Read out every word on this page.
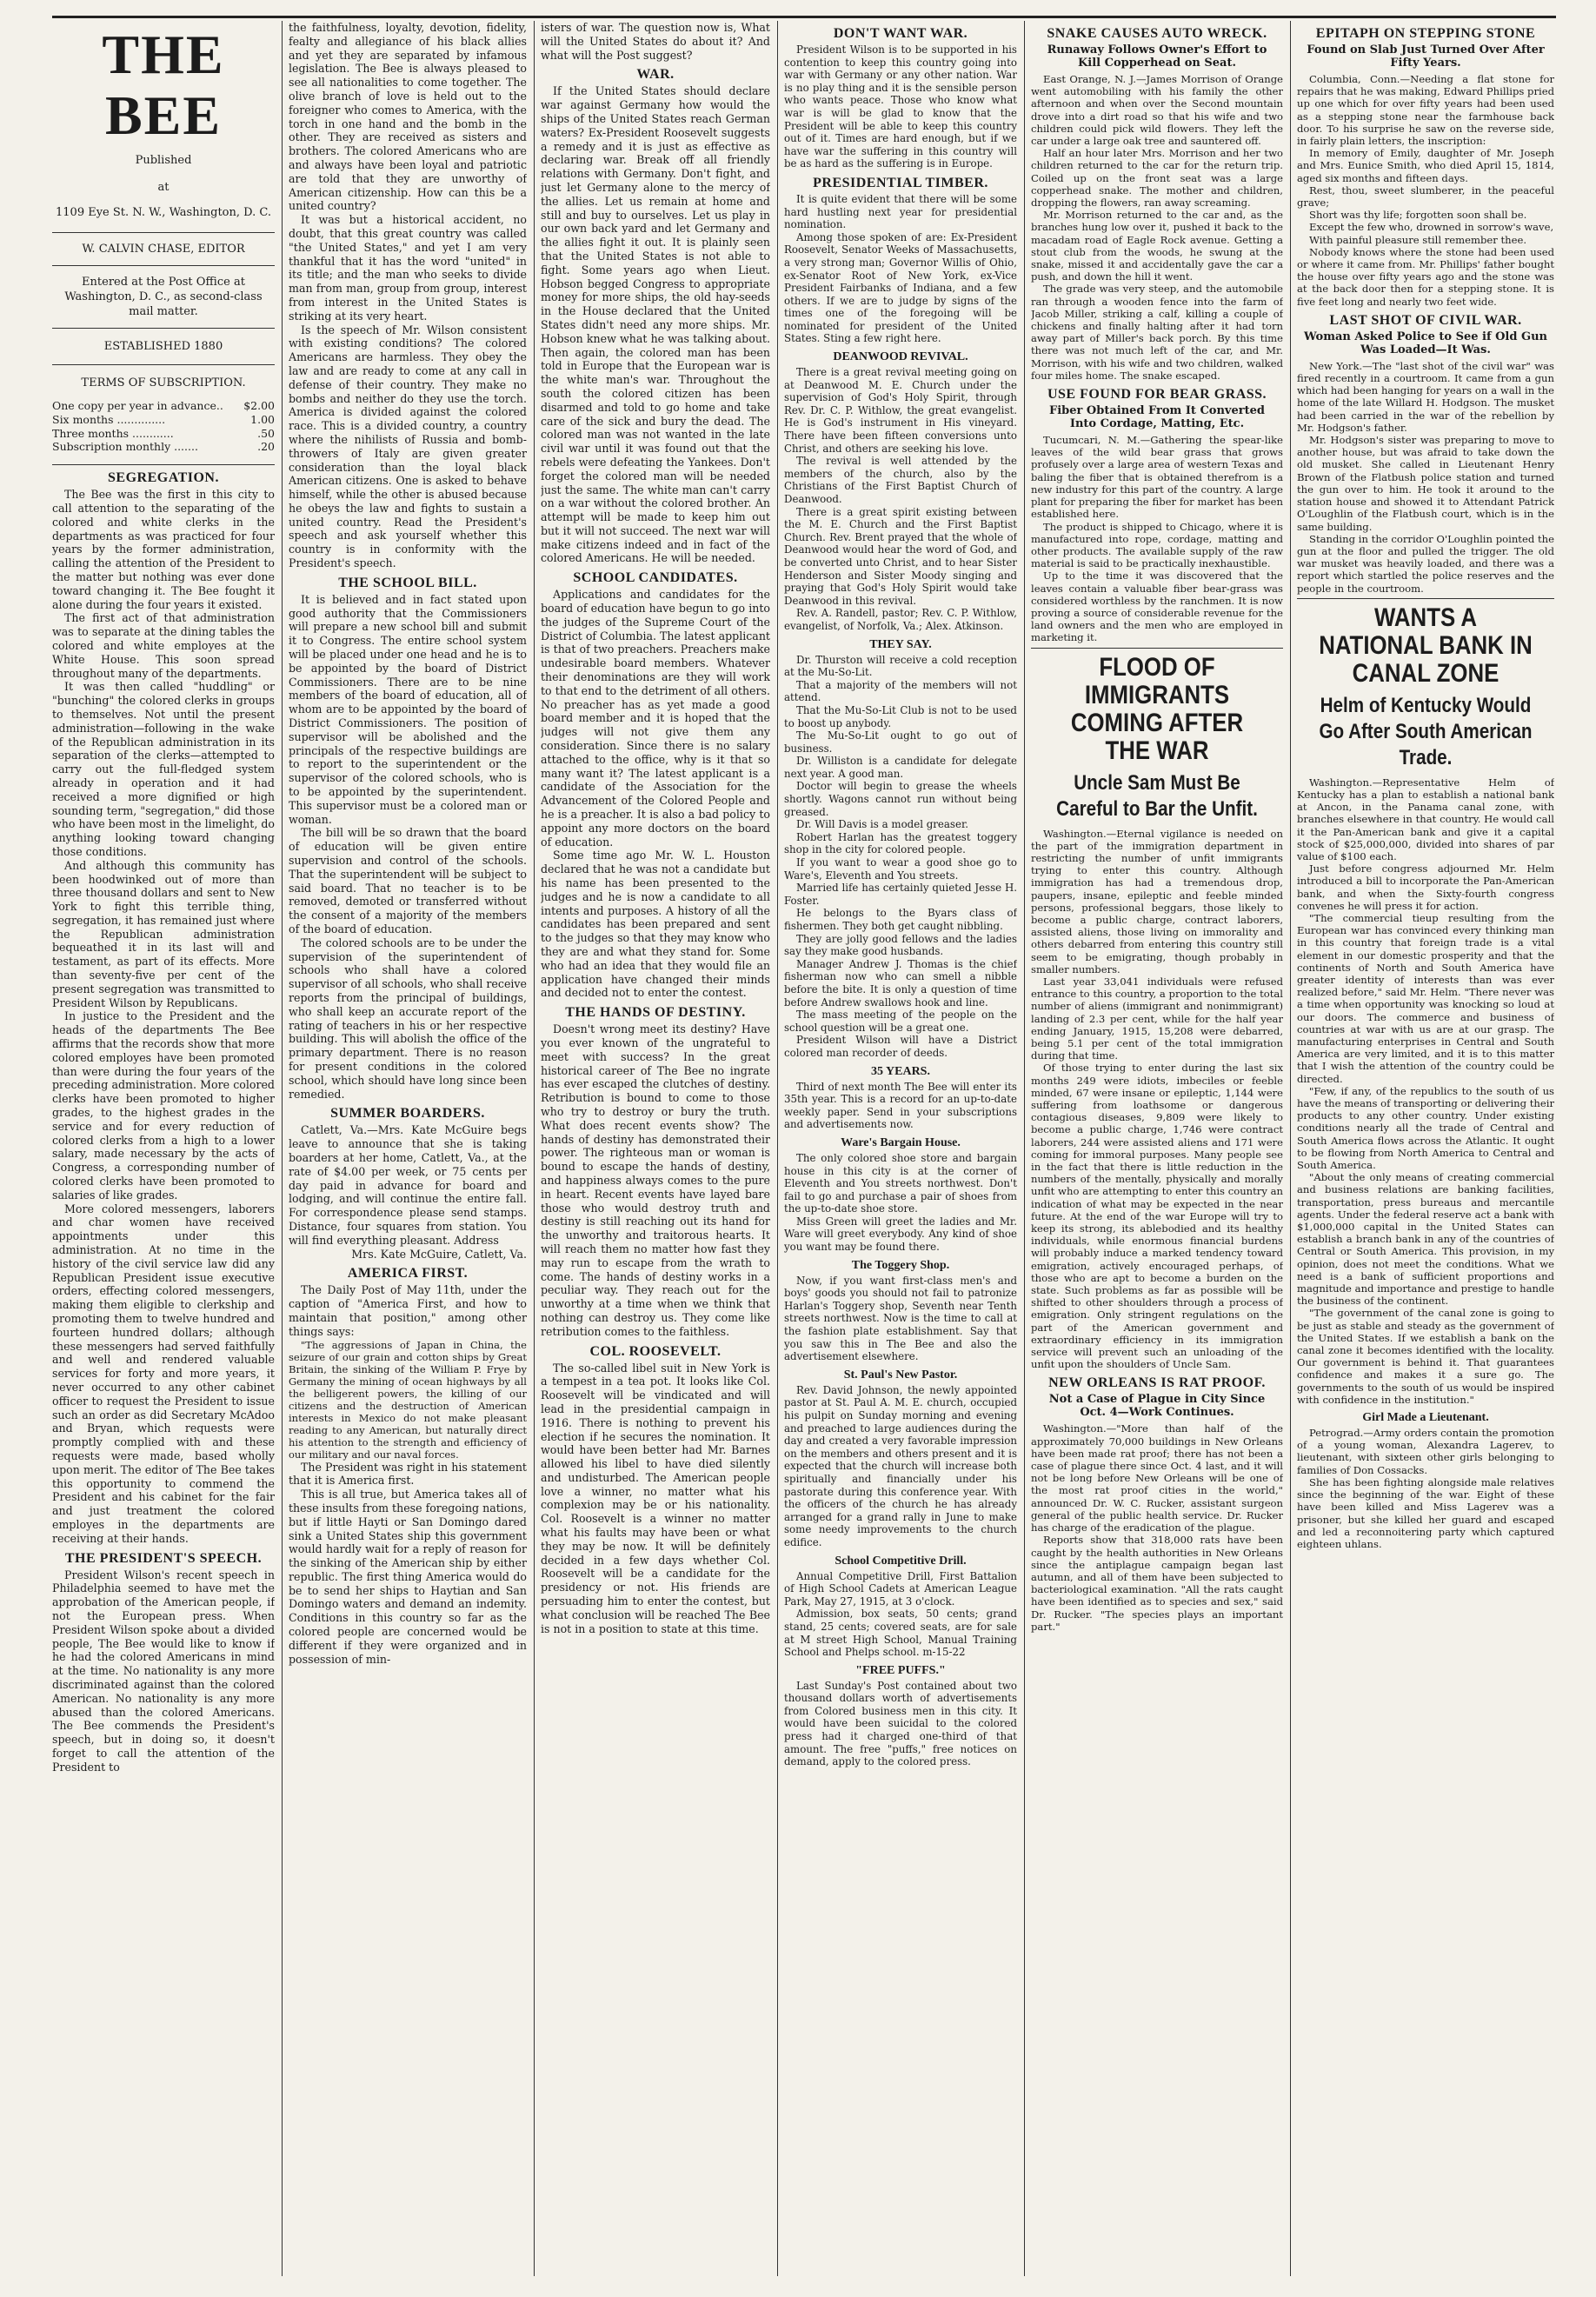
THE BEE
Published
at
1109 Eye St. N. W., Washington, D. C.
W. CALVIN CHASE, EDITOR
Entered at the Post Office at Washington, D. C., as second-class mail matter.
ESTABLISHED 1880
TERMS OF SUBSCRIPTION.
One copy per year in advance..	$2.00
Six months ..............	1.00
Three months ............	.50
Subscription monthly .......	.20
SEGREGATION.

The Bee was the first in this city to call attention to the separating of the colored and white clerks in the departments as was practiced for four years by the former administration, calling the attention of the President to the matter but nothing was ever done toward changing it. The Bee fought it alone during the four years it existed.

The first act of that administration was to separate at the dining tables the colored and white employes at the White House. This soon spread throughout many of the departments.

It was then called "huddling" or "bunching" the colored clerks in groups to themselves. Not until the present administration—following in the wake of the Republican administration in its separation of the clerks—attempted to carry out the full-fledged system already in operation and it had received a more dignified or high sounding term, "segregation," did those who have been most in the limelight, do anything looking toward changing those conditions.

And although this community has been hoodwinked out of more than three thousand dollars and sent to New York to fight this terrible thing, segregation, it has remained just where the Republican administration bequeathed it in its last will and testament, as part of its effects. More than seventy-five per cent of the present segregation was transmitted to President Wilson by Republicans.

In justice to the President and the heads of the departments The Bee affirms that the records show that more colored employes have been promoted than were during the four years of the preceding administration. More colored clerks have been promoted to higher grades, to the highest grades in the service and for every reduction of colored clerks from a high to a lower salary, made necessary by the acts of Congress, a corresponding number of colored clerks have been promoted to salaries of like grades.

More colored messengers, laborers and char women have received appointments under this administration. At no time in the history of the civil service law did any Republican President issue executive orders, effecting colored messengers, making them eligible to clerkship and promoting them to twelve hundred and fourteen hundred dollars; although these messengers had served faithfully and well and rendered valuable services for forty and more years, it never occurred to any other cabinet officer to request the President to issue such an order as did Secretary McAdoo and Bryan, which requests were promptly complied with and these requests were made, based wholly upon merit. The editor of The Bee takes this opportunity to commend the President and his cabinet for the fair and just treatment the colored employes in the departments are receiving at their hands.

THE PRESIDENT'S SPEECH.

President Wilson's recent speech in Philadelphia seemed to have met the approbation of the American people, if not the European press. When President Wilson spoke about a divided people, The Bee would like to know if he had the colored Americans in mind at the time. No nationality is any more discriminated against than the colored American. No nationality is any more abused than the colored Americans. The Bee commends the President's speech, but in doing so, it doesn't forget to call the attention of the President to

the faithfulness, loyalty, devotion, fidelity, fealty and allegiance of his black allies and yet they are separated by infamous legislation. The Bee is always pleased to see all nationalities to come together. The olive branch of love is held out to the foreigner who comes to America, with the torch in one hand and the bomb in the other. They are received as sisters and brothers. The colored Americans who are and always have been loyal and patriotic are told that they are unworthy of American citizenship. How can this be a united country?

It was but a historical accident, no doubt, that this great country was called "the United States," and yet I am very thankful that it has the word "united" in its title; and the man who seeks to divide man from man, group from group, interest from interest in the United States is striking at its very heart.

Is the speech of Mr. Wilson consistent with existing conditions? The colored Americans are harmless. They obey the law and are ready to come at any call in defense of their country. They make no bombs and neither do they use the torch. America is divided against the colored race. This is a divided country, a country where the nihilists of Russia and bomb-throwers of Italy are given greater consideration than the loyal black American citizens. One is asked to behave himself, while the other is abused because he obeys the law and fights to sustain a united country. Read the President's speech and ask yourself whether this country is in conformity with the President's speech.

THE SCHOOL BILL.

It is believed and in fact stated upon good authority that the Commissioners will prepare a new school bill and submit it to Congress. The entire school system will be placed under one head and he is to be appointed by the board of District Commissioners. There are to be nine members of the board of education, all of whom are to be appointed by the board of District Commissioners. The position of supervisor will be abolished and the principals of the respective buildings are to report to the superintendent or the supervisor of the colored schools, who is to be appointed by the superintendent. This supervisor must be a colored man or woman.

The bill will be so drawn that the board of education will be given entire supervision and control of the schools. That the superintendent will be subject to said board. That no teacher is to be removed, demoted or transferred without the consent of a majority of the members of the board of education.

The colored schools are to be under the supervision of the superintendent of schools who shall have a colored supervisor of all schools, who shall receive reports from the principal of buildings, who shall keep an accurate report of the rating of teachers in his or her respective building. This will abolish the office of the primary department. There is no reason for present conditions in the colored school, which should have long since been remedied.

SUMMER BOARDERS.

Catlett, Va.—Mrs. Kate McGuire begs leave to announce that she is taking boarders at her home, Catlett, Va., at the rate of $4.00 per week, or 75 cents per day paid in advance for board and lodging, and will continue the entire fall. For correspondence please send stamps. Distance, four squares from station. You will find everything pleasant. Address

Mrs. Kate McGuire, Catlett, Va.

AMERICA FIRST.

The Daily Post of May 11th, under the caption of "America First, and how to maintain that position," among other things says:

"The aggressions of Japan in China, the seizure of our grain and cotton ships by Great Britain, the sinking of the William P. Frye by Germany the mining of ocean highways by all the belligerent powers, the killing of our citizens and the destruction of American interests in Mexico do not make pleasant reading to any American, but naturally direct his attention to the strength and efficiency of our military and our naval forces.

The President was right in his statement that it is America first.

This is all true, but America takes all of these insults from these foregoing nations, but if little Hayti or San Domingo dared sink a United States ship this government would hardly wait for a reply of reason for the sinking of the American ship by either republic. The first thing America would do be to send her ships to Haytian and San Domingo waters and demand an indemity. Conditions in this country so far as the colored people are concerned would be different if they were organized and in possession of min-

isters of war. The question now is, What will the United States do about it? And what will the Post suggest?

WAR.

If the United States should declare war against Germany how would the ships of the United States reach German waters? Ex-President Roosevelt suggests a remedy and it is just as effective as declaring war. Break off all friendly relations with Germany. Don't fight, and just let Germany alone to the mercy of the allies. Let us remain at home and still and buy to ourselves. Let us play in our own back yard and let Germany and the allies fight it out. It is plainly seen that the United States is not able to fight. Some years ago when Lieut. Hobson begged Congress to appropriate money for more ships, the old hay-seeds in the House declared that the United States didn't need any more ships. Mr. Hobson knew what he was talking about. Then again, the colored man has been told in Europe that the European war is the white man's war. Throughout the south the colored citizen has been disarmed and told to go home and take care of the sick and bury the dead. The colored man was not wanted in the late civil war until it was found out that the rebels were defeating the Yankees. Don't forget the colored man will be needed just the same. The white man can't carry on a war without the colored brother. An attempt will be made to keep him out but it will not succeed. The next war will make citizens indeed and in fact of the colored Americans. He will be needed.

SCHOOL CANDIDATES.

Applications and candidates for the board of education have begun to go into the judges of the Supreme Court of the District of Columbia. The latest applicant is that of two preachers. Preachers make undesirable board members. Whatever their denominations are they will work to that end to the detriment of all others. No preacher has as yet made a good board member and it is hoped that the judges will not give them any consideration. Since there is no salary attached to the office, why is it that so many want it? The latest applicant is a candidate of the Association for the Advancement of the Colored People and he is a preacher. It is also a bad policy to appoint any more doctors on the board of education.

Some time ago Mr. W. L. Houston declared that he was not a candidate but his name has been presented to the judges and he is now a candidate to all intents and purposes. A history of all the candidates has been prepared and sent to the judges so that they may know who they are and what they stand for. Some who had an idea that they would file an application have changed their minds and decided not to enter the contest.

THE HANDS OF DESTINY.

Doesn't wrong meet its destiny? Have you ever known of the ungrateful to meet with success? In the great historical career of The Bee no ingrate has ever escaped the clutches of destiny. Retribution is bound to come to those who try to destroy or bury the truth. What does recent events show? The hands of destiny has demonstrated their power. The righteous man or woman is bound to escape the hands of destiny, and happiness always comes to the pure in heart. Recent events have layed bare those who would destroy truth and destiny is still reaching out its hand for the unworthy and traitorous hearts. It will reach them no matter how fast they may run to escape from the wrath to come. The hands of destiny works in a peculiar way. They reach out for the unworthy at a time when we think that nothing can destroy us. They come like retribution comes to the faithless.

COL. ROOSEVELT.

The so-called libel suit in New York is a tempest in a tea pot. It looks like Col. Roosevelt will be vindicated and will lead in the presidential campaign in 1916. There is nothing to prevent his election if he secures the nomination. It would have been better had Mr. Barnes allowed his libel to have died silently and undisturbed. The American people love a winner, no matter what his complexion may be or his nationality. Col. Roosevelt is a winner no matter what his faults may have been or what they may be now. It will be definitely decided in a few days whether Col. Roosevelt will be a candidate for the presidency or not. His friends are persuading him to enter the contest, but what conclusion will be reached The Bee is not in a position to state at this time.

DON'T WANT WAR.

President Wilson is to be supported in his contention to keep this country going into war with Germany or any other nation. War is no play thing and it is the sensible person who wants peace. Those who know what war is will be glad to know that the President will be able to keep this country out of it. Times are hard enough, but if we have war the suffering in this country will be as hard as the suffering is in Europe.

PRESIDENTIAL TIMBER.

It is quite evident that there will be some hard hustling next year for presidential nomination.

Among those spoken of are: Ex-President Roosevelt, Senator Weeks of Massachusetts, a very strong man; Governor Willis of Ohio, ex-Senator Root of New York, ex-Vice President Fairbanks of Indiana, and a few others. If we are to judge by signs of the times one of the foregoing will be nominated for president of the United States. Sting a few right here.

DEANWOOD REVIVAL.

There is a great revival meeting going on at Deanwood M. E. Church under the supervision of God's Holy Spirit, through Rev. Dr. C. P. Withlow, the great evangelist. He is God's instrument in His vineyard. There have been fifteen conversions unto Christ, and others are seeking his love.

The revival is well attended by the members of the church, also by the Christians of the First Baptist Church of Deanwood.

There is a great spirit existing between the M. E. Church and the First Baptist Church. Rev. Brent prayed that the whole of Deanwood would hear the word of God, and be converted unto Christ, and to hear Sister Henderson and Sister Moody singing and praying that God's Holy Spirit would take Deanwood in this revival.

Rev. A. Randell, pastor; Rev. C. P. Withlow, evangelist, of Norfolk, Va.; Alex. Atkinson.

THEY SAY.

Dr. Thurston will receive a cold reception at the Mu-So-Lit.

That a majority of the members will not attend.

That the Mu-So-Lit Club is not to be used to boost up anybody.

The Mu-So-Lit ought to go out of business.

Dr. Williston is a candidate for delegate next year. A good man.

Doctor will begin to grease the wheels shortly. Wagons cannot run without being greased.

Dr. Will Davis is a model greaser.

Robert Harlan has the greatest toggery shop in the city for colored people.

If you want to wear a good shoe go to Ware's, Eleventh and You streets.

Married life has certainly quieted Jesse H. Foster.

He belongs to the Byars class of fishermen. They both get caught nibbling.

They are jolly good fellows and the ladies say they make good husbands.

Manager Andrew J. Thomas is the chief fisherman now who can smell a nibble before the bite. It is only a question of time before Andrew swallows hook and line.

The mass meeting of the people on the school question will be a great one.

President Wilson will have a District colored man recorder of deeds.

35 YEARS.

Third of next month The Bee will enter its 35th year. This is a record for an up-to-date weekly paper. Send in your subscriptions and advertisements now.

Ware's Bargain House.

The only colored shoe store and bargain house in this city is at the corner of Eleventh and You streets northwest. Don't fail to go and purchase a pair of shoes from the up-to-date shoe store.

Miss Green will greet the ladies and Mr. Ware will greet everybody. Any kind of shoe you want may be found there.

The Toggery Shop.

Now, if you want first-class men's and boys' goods you should not fail to patronize Harlan's Toggery shop, Seventh near Tenth streets northwest. Now is the time to call at the fashion plate establishment. Say that you saw this in The Bee and also the advertisement elsewhere.

St. Paul's New Pastor.

Rev. David Johnson, the newly appointed pastor at St. Paul A. M. E. church, occupied his pulpit on Sunday morning and evening and preached to large audiences during the day and created a very favorable impression on the members and others present and it is expected that the church will increase both spiritually and financially under his pastorate during this conference year. With the officers of the church he has already arranged for a grand rally in June to make some needy improvements to the church edifice.

School Competitive Drill.

Annual Competitive Drill, First Battalion of High School Cadets at American League Park, May 27, 1915, at 3 o'clock.

Admission, box seats, 50 cents; grand stand, 25 cents; covered seats, are for sale at M street High School, Manual Training School and Phelps school. m-15-22

"FREE PUFFS."

Last Sunday's Post contained about two thousand dollars worth of advertisements from Colored business men in this city. It would have been suicidal to the colored press had it charged one-third of that amount. The free "puffs," free notices on demand, apply to the colored press.

SNAKE CAUSES AUTO WRECK.
Runaway Follows Owner's Effort to Kill Copperhead on Seat.

East Orange, N. J.—James Morrison of Orange went automobiling with his family the other afternoon and when over the Second mountain drove into a dirt road so that his wife and two children could pick wild flowers. They left the car under a large oak tree and sauntered off.

Half an hour later Mrs. Morrison and her two children returned to the car for the return trip. Coiled up on the front seat was a large copperhead snake. The mother and children, dropping the flowers, ran away screaming.

Mr. Morrison returned to the car and, as the branches hung low over it, pushed it back to the macadam road of Eagle Rock avenue. Getting a stout club from the woods, he swung at the snake, missed it and accidentally gave the car a push, and down the hill it went.

The grade was very steep, and the automobile ran through a wooden fence into the farm of Jacob Miller, striking a calf, killing a couple of chickens and finally halting after it had torn away part of Miller's back porch. By this time there was not much left of the car, and Mr. Morrison, with his wife and two children, walked four miles home. The snake escaped.

USE FOUND FOR BEAR GRASS.
Fiber Obtained From It Converted Into Cordage, Matting, Etc.

Tucumcari, N. M.—Gathering the spear-like leaves of the wild bear grass that grows profusely over a large area of western Texas and baling the fiber that is obtained therefrom is a new industry for this part of the country. A large plant for preparing the fiber for market has been established here.

The product is shipped to Chicago, where it is manufactured into rope, cordage, matting and other products. The available supply of the raw material is said to be practically inexhaustible.

Up to the time it was discovered that the leaves contain a valuable fiber bear-grass was considered worthless by the ranchmen. It is now proving a source of considerable revenue for the land owners and the men who are employed in marketing it.

FLOOD OF IMMIGRANTS COMING AFTER THE WAR
Uncle Sam Must Be Careful to Bar the Unfit.

Washington.—Eternal vigilance is needed on the part of the immigration department in restricting the number of unfit immigrants trying to enter this country. Although immigration has had a tremendous drop, paupers, insane, epileptic and feeble minded persons, professional beggars, those likely to become a public charge, contract laborers, assisted aliens, those living on immorality and others debarred from entering this country still seem to be emigrating, though probably in smaller numbers.

Last year 33,041 individuals were refused entrance to this country, a proportion to the total number of aliens (immigrant and nonimmigrant) landing of 2.3 per cent, while for the half year ending January, 1915, 15,208 were debarred, being 5.1 per cent of the total immigration during that time.

Of those trying to enter during the last six months 249 were idiots, imbeciles or feeble minded, 67 were insane or epileptic, 1,144 were suffering from loathsome or dangerous contagious diseases, 9,809 were likely to become a public charge, 1,746 were contract laborers, 244 were assisted aliens and 171 were coming for immoral purposes. Many people see in the fact that there is little reduction in the numbers of the mentally, physically and morally unfit who are attempting to enter this country an indication of what may be expected in the near future. At the end of the war Europe will try to keep its strong, its ablebodied and its healthy individuals, while enormous financial burdens will probably induce a marked tendency toward emigration, actively encouraged perhaps, of those who are apt to become a burden on the state. Such problems as far as possible will be shifted to other shoulders through a process of emigration. Only stringent regulations on the part of the American government and extraordinary efficiency in its immigration service will prevent such an unloading of the unfit upon the shoulders of Uncle Sam.

NEW ORLEANS IS RAT PROOF.
Not a Case of Plague in City Since Oct. 4—Work Continues.

Washington.—"More than half of the approximately 70,000 buildings in New Orleans have been made rat proof; there has not been a case of plague there since Oct. 4 last, and it will not be long before New Orleans will be one of the most rat proof cities in the world," announced Dr. W. C. Rucker, assistant surgeon general of the public health service. Dr. Rucker has charge of the eradication of the plague.

Reports show that 318,000 rats have been caught by the health authorities in New Orleans since the antiplague campaign began last autumn, and all of them have been subjected to bacteriological examination. "All the rats caught have been identified as to species and sex," said Dr. Rucker. "The species plays an important part."

EPITAPH ON STEPPING STONE
Found on Slab Just Turned Over After Fifty Years.

Columbia, Conn.—Needing a flat stone for repairs that he was making, Edward Phillips pried up one which for over fifty years had been used as a stepping stone near the farmhouse back door. To his surprise he saw on the reverse side, in fairly plain letters, the inscription:

In memory of Emily, daughter of Mr. Joseph and Mrs. Eunice Smith, who died April 15, 1814, aged six months and fifteen days.

Rest, thou, sweet slumberer, in the peaceful grave;

Short was thy life; forgotten soon shall be.

Except the few who, drowned in sorrow's wave,

With painful pleasure still remember thee.

Nobody knows where the stone had been used or where it came from. Mr. Phillips' father bought the house over fifty years ago and the stone was at the back door then for a stepping stone. It is five feet long and nearly two feet wide.

LAST SHOT OF CIVIL WAR.
Woman Asked Police to See if Old Gun Was Loaded—It Was.

New York.—The "last shot of the civil war" was fired recently in a courtroom. It came from a gun which had been hanging for years on a wall in the home of the late Willard H. Hodgson. The musket had been carried in the war of the rebellion by Mr. Hodgson's father.

Mr. Hodgson's sister was preparing to move to another house, but was afraid to take down the old musket. She called in Lieutenant Henry Brown of the Flatbush police station and turned the gun over to him. He took it around to the station house and showed it to Attendant Patrick O'Loughlin of the Flatbush court, which is in the same building.

Standing in the corridor O'Loughlin pointed the gun at the floor and pulled the trigger. The old war musket was heavily loaded, and there was a report which startled the police reserves and the people in the courtroom.

WANTS A NATIONAL BANK IN CANAL ZONE
Helm of Kentucky Would Go After South American Trade.

Washington.—Representative Helm of Kentucky has a plan to establish a national bank at Ancon, in the Panama canal zone, with branches elsewhere in that country. He would call it the Pan-American bank and give it a capital stock of $25,000,000, divided into shares of par value of $100 each.

Just before congress adjourned Mr. Helm introduced a bill to incorporate the Pan-American bank, and when the Sixty-fourth congress convenes he will press it for action.

"The commercial tieup resulting from the European war has convinced every thinking man in this country that foreign trade is a vital element in our domestic prosperity and that the continents of North and South America have greater identity of interests than was ever realized before," said Mr. Helm. "There never was a time when opportunity was knocking so loud at our doors. The commerce and business of countries at war with us are at our grasp. The manufacturing enterprises in Central and South America are very limited, and it is to this matter that I wish the attention of the country could be directed.

"Few, if any, of the republics to the south of us have the means of transporting or delivering their products to any other country. Under existing conditions nearly all the trade of Central and South America flows across the Atlantic. It ought to be flowing from North America to Central and South America.

"About the only means of creating commercial and business relations are banking facilities, transportation, press bureaus and mercantile agents. Under the federal reserve act a bank with $1,000,000 capital in the United States can establish a branch bank in any of the countries of Central or South America. This provision, in my opinion, does not meet the conditions. What we need is a bank of sufficient proportions and magnitude and importance and prestige to handle the business of the continent.

"The government of the canal zone is going to be just as stable and steady as the government of the United States. If we establish a bank on the canal zone it becomes identified with the locality. Our government is behind it. That guarantees confidence and makes it a sure go. The governments to the south of us would be inspired with confidence in the institution."

Girl Made a Lieutenant.

Petrograd.—Army orders contain the promotion of a young woman, Alexandra Lagerev, to lieutenant, with sixteen other girls belonging to families of Don Cossacks.

She has been fighting alongside male relatives since the beginning of the war. Eight of these have been killed and Miss Lagerev was a prisoner, but she killed her guard and escaped and led a reconnoitering party which captured eighteen uhlans.
